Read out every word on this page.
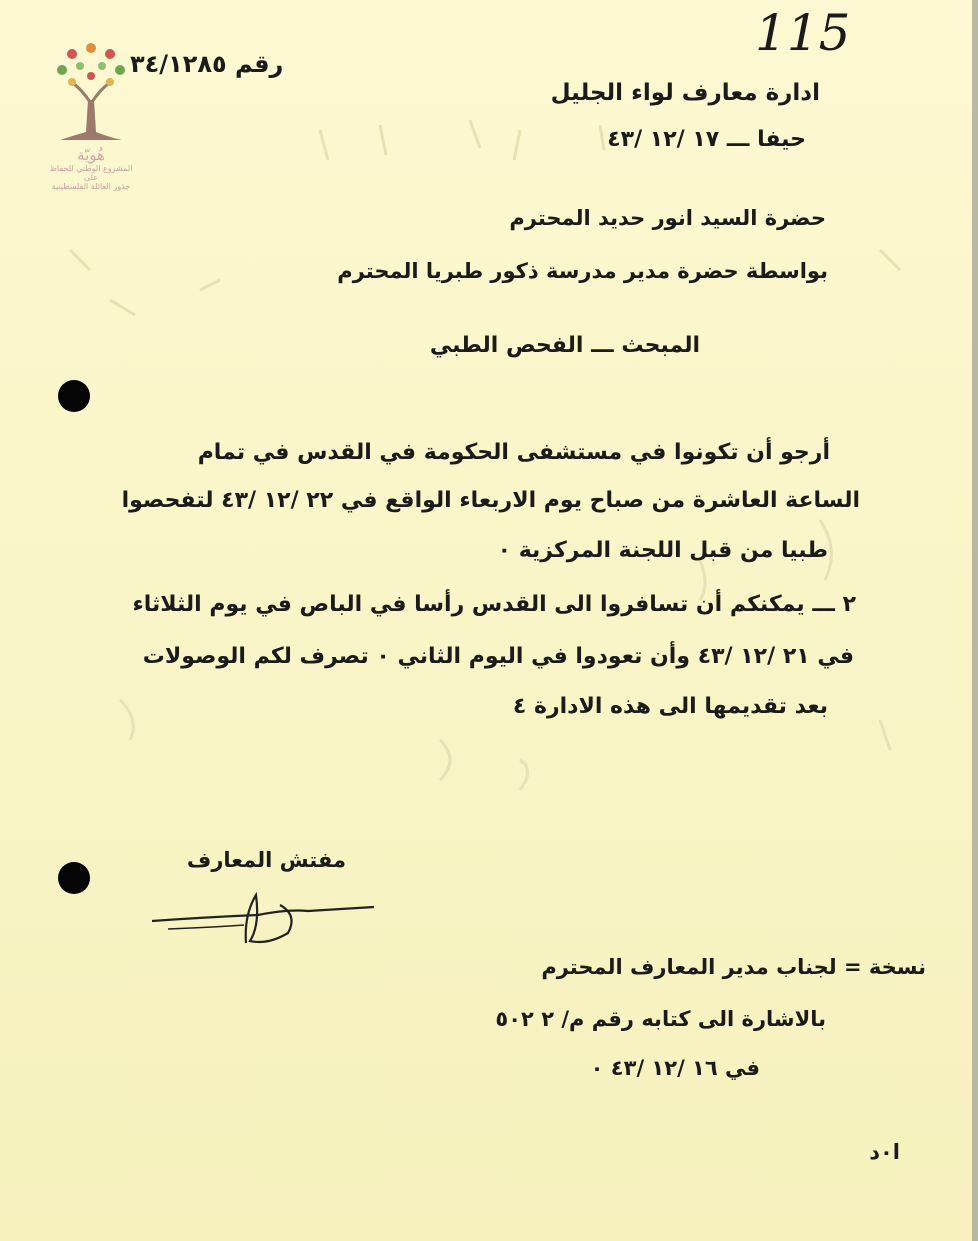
هُويّة
المشروع الوطني للحفاظ على
جذور العائلة الفلسطينية
115
رقم ٣٤/١٢٨٥
ادارة معارف لواء الجليل
حيفا ـــ ١٧ /١٢ /٤٣
حضرة السيد انور حديد المحترم
بواسطة حضرة مدير مدرسة ذكور طبريا المحترم
المبحث ـــ الفحص الطبي
أرجو أن تكونوا في مستشفى الحكومة في القدس في تمام
الساعة العاشرة من صباح يوم الاربعاء الواقع في ٢٢ /١٢ /٤٣ لتفحصوا
طبيا من قبل اللجنة المركزية ٠
٢ ـــ يمكنكم أن تسافروا الى القدس رأسا في الباص في يوم الثلاثاء
في ٢١ /١٢ /٤٣ وأن تعودوا في اليوم الثاني ٠ تصرف لكم الوصولات
بعد تقديمها الى هذه الادارة ٤
مفتش المعارف
نسخة = لجناب مدير المعارف المحترم
بالاشارة الى كتابه رقم م/ ٢ ٥٠٢
في ١٦ /١٢ /٤٣ ٠
ا٠د
